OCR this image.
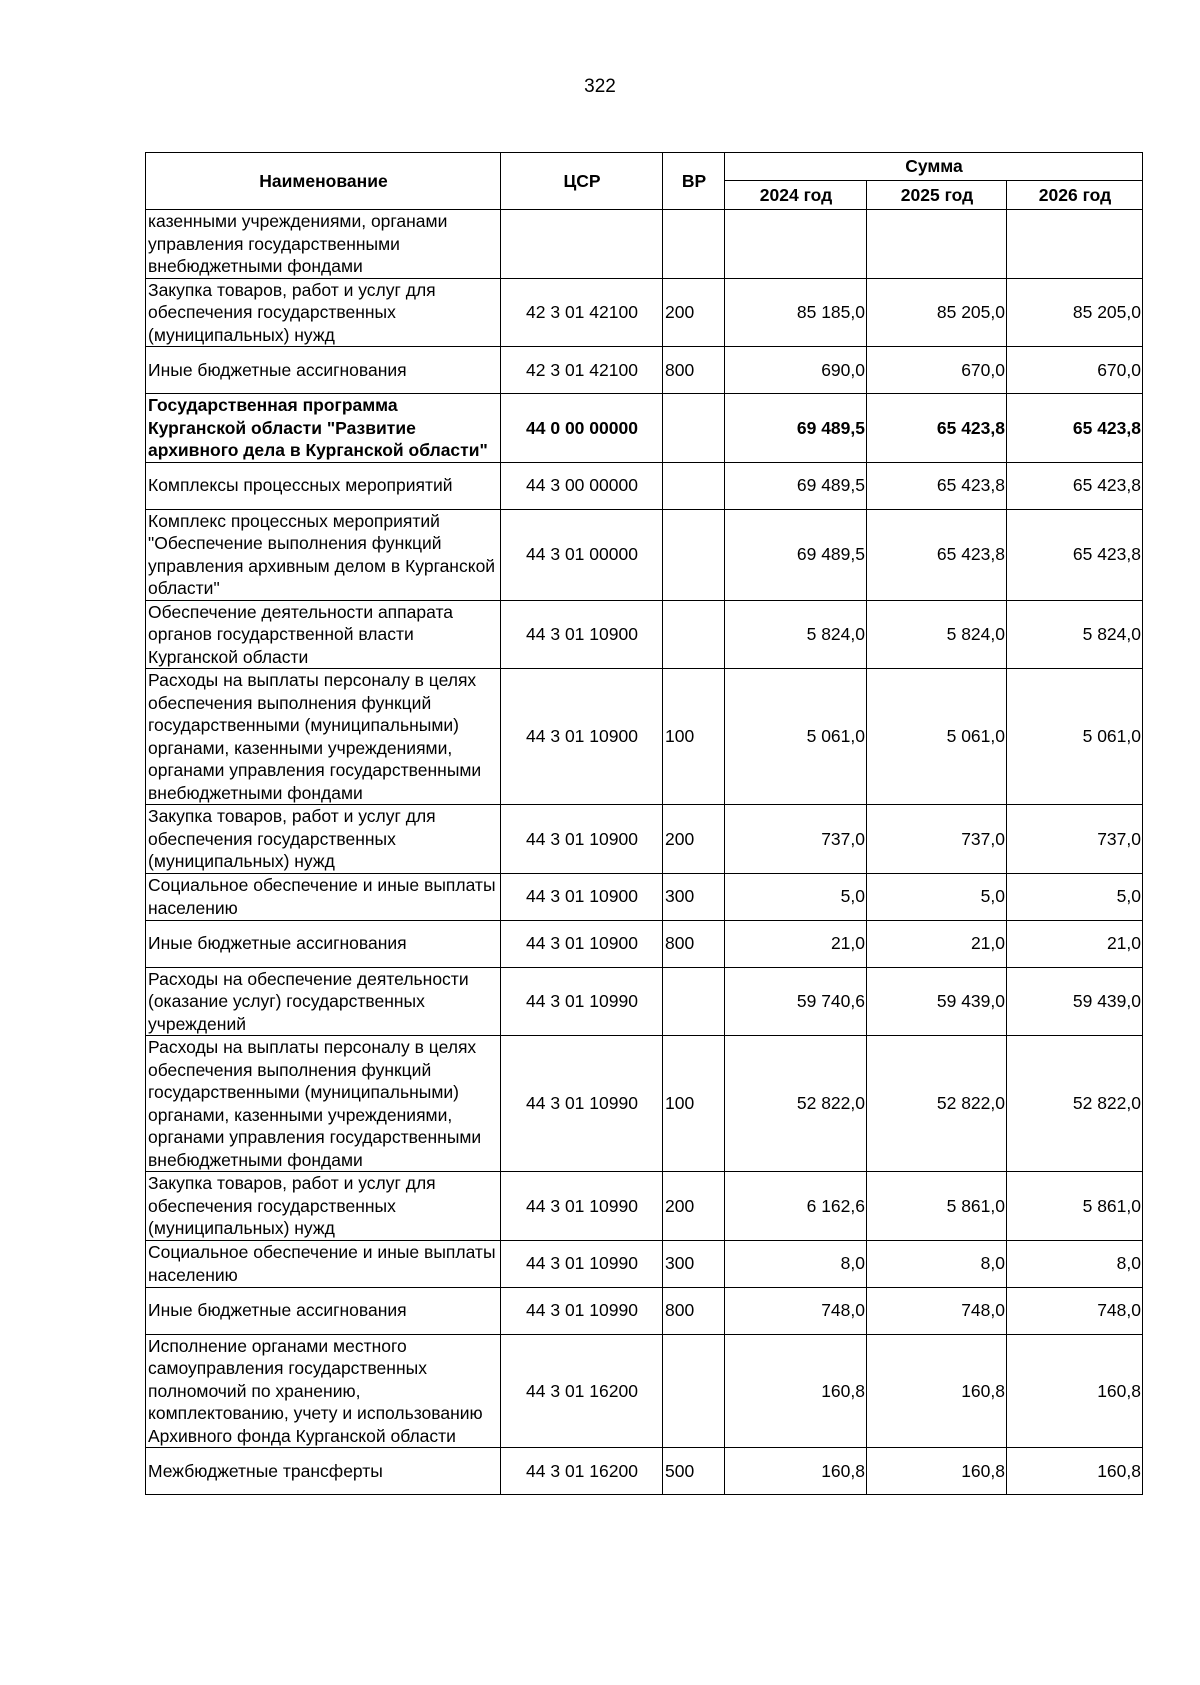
322
Наименование	ЦСР	ВР	Сумма		
			2024 год	2025 год	2026 год
казенными учреждениями, органами управления государственными внебюджетными фондами					
Закупка товаров, работ и услуг для обеспечения государственных (муниципальных) нужд	42 3 01 42100	200	85 185,0	85 205,0	85 205,0
Иные бюджетные ассигнования	42 3 01 42100	800	690,0	670,0	670,0
Государственная программа Курганской области "Развитие архивного дела в Курганской области"	44 0 00 00000		69 489,5	65 423,8	65 423,8
Комплексы процессных мероприятий	44 3 00 00000		69 489,5	65 423,8	65 423,8
Комплекс процессных мероприятий "Обеспечение выполнения функций управления архивным делом в Курганской области"	44 3 01 00000		69 489,5	65 423,8	65 423,8
Обеспечение деятельности аппарата органов государственной власти Курганской области	44 3 01 10900		5 824,0	5 824,0	5 824,0
Расходы на выплаты персоналу в целях обеспечения выполнения функций государственными (муниципальными) органами, казенными учреждениями, органами управления государственными внебюджетными фондами	44 3 01 10900	100	5 061,0	5 061,0	5 061,0
Закупка товаров, работ и услуг для обеспечения государственных (муниципальных) нужд	44 3 01 10900	200	737,0	737,0	737,0
Социальное обеспечение и иные выплаты населению	44 3 01 10900	300	5,0	5,0	5,0
Иные бюджетные ассигнования	44 3 01 10900	800	21,0	21,0	21,0
Расходы на обеспечение деятельности (оказание услуг) государственных учреждений	44 3 01 10990		59 740,6	59 439,0	59 439,0
Расходы на выплаты персоналу в целях обеспечения выполнения функций государственными (муниципальными) органами, казенными учреждениями, органами управления государственными внебюджетными фондами	44 3 01 10990	100	52 822,0	52 822,0	52 822,0
Закупка товаров, работ и услуг для обеспечения государственных (муниципальных) нужд	44 3 01 10990	200	6 162,6	5 861,0	5 861,0
Социальное обеспечение и иные выплаты населению	44 3 01 10990	300	8,0	8,0	8,0
Иные бюджетные ассигнования	44 3 01 10990	800	748,0	748,0	748,0
Исполнение органами местного самоуправления государственных полномочий по хранению, комплектованию, учету и использованию Архивного фонда Курганской области	44 3 01 16200		160,8	160,8	160,8
Межбюджетные трансферты	44 3 01 16200	500	160,8	160,8	160,8
